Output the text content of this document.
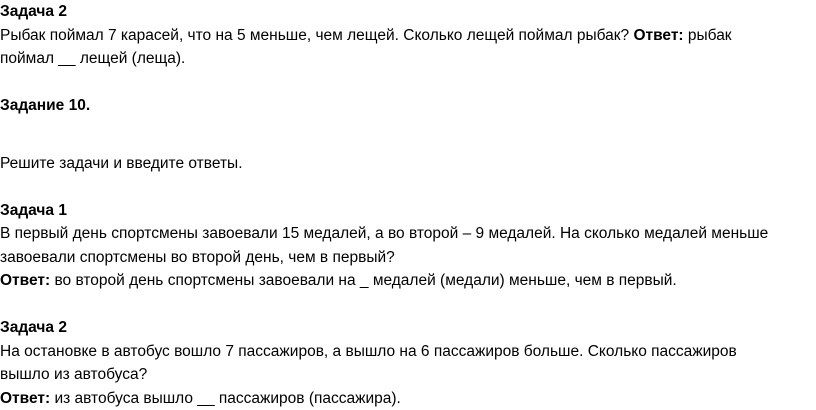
Задача 2
Рыбак поймал 7 карасей, что на 5 меньше, чем лещей. Сколько лещей поймал рыбак? Ответ: рыбак
поймал __ лещей (леща).
Задание 10.
Решите задачи и введите ответы.
Задача 1
В первый день спортсмены завоевали 15 медалей, а во второй – 9 медалей. На сколько медалей меньше
завоевали спортсмены во второй день, чем в первый?
Ответ: во второй день спортсмены завоевали на _ медалей (медали) меньше, чем в первый.
Задача 2
На остановке в автобус вошло 7 пассажиров, а вышло на 6 пассажиров больше. Сколько пассажиров
вышло из автобуса?
Ответ: из автобуса вышло __ пассажиров (пассажира).
